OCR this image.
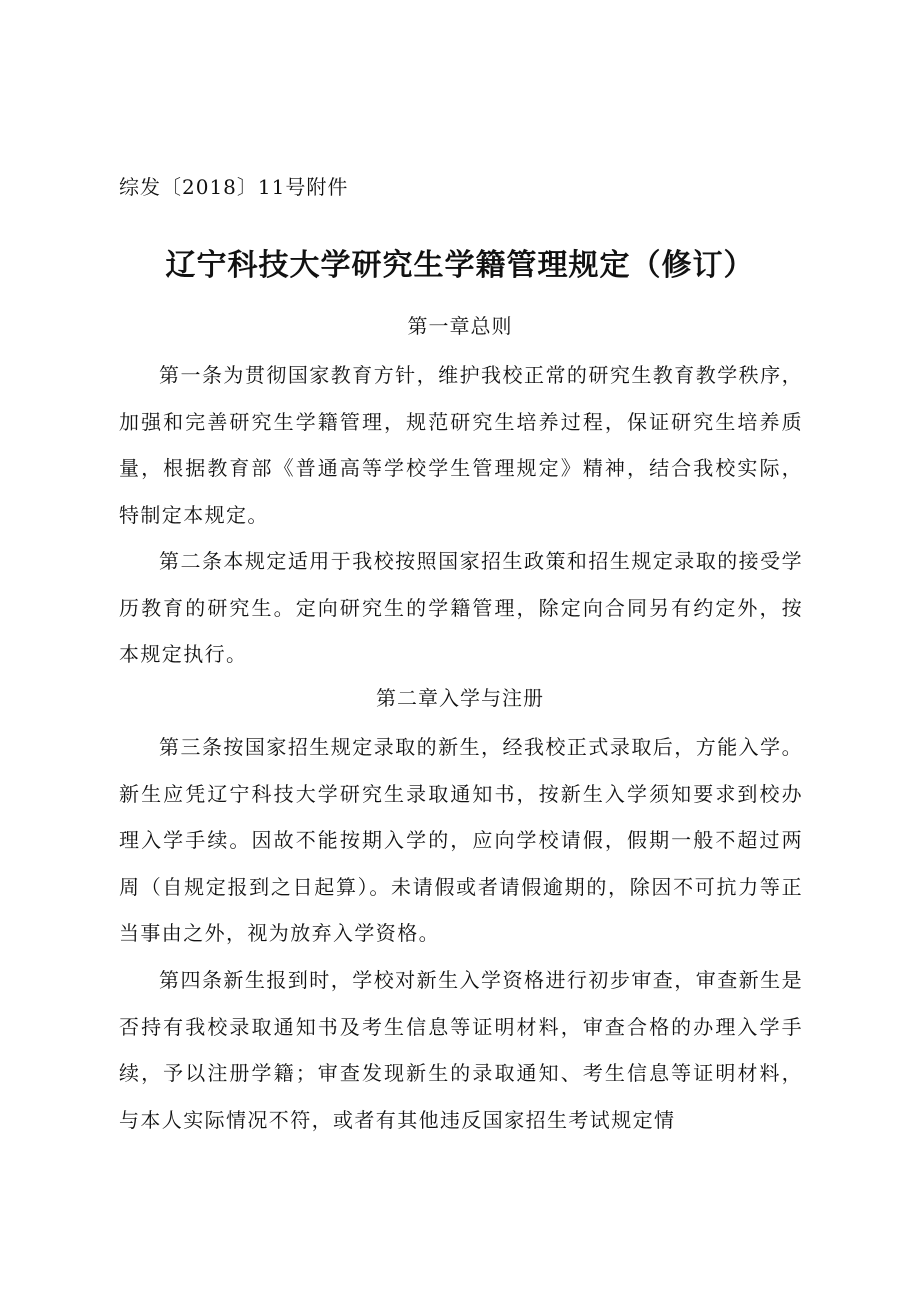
综发〔2018〕11号附件
辽宁科技大学研究生学籍管理规定（修订）
第一章总则

第一条为贯彻国家教育方针，维护我校正常的研究生教育教学秩序，加强和完善研究生学籍管理，规范研究生培养过程，保证研究生培养质量，根据教育部《普通高等学校学生管理规定》精神，结合我校实际，特制定本规定。

第二条本规定适用于我校按照国家招生政策和招生规定录取的接受学历教育的研究生。定向研究生的学籍管理，除定向合同另有约定外，按本规定执行。

第二章入学与注册

第三条按国家招生规定录取的新生，经我校正式录取后，方能入学。新生应凭辽宁科技大学研究生录取通知书，按新生入学须知要求到校办理入学手续。因故不能按期入学的，应向学校请假，假期一般不超过两周（自规定报到之日起算）。未请假或者请假逾期的，除因不可抗力等正当事由之外，视为放弃入学资格。

第四条新生报到时，学校对新生入学资格进行初步审查，审查新生是否持有我校录取通知书及考生信息等证明材料，审查合格的办理入学手续，予以注册学籍；审查发现新生的录取通知、考生信息等证明材料，与本人实际情况不符，或者有其他违反国家招生考试规定情
